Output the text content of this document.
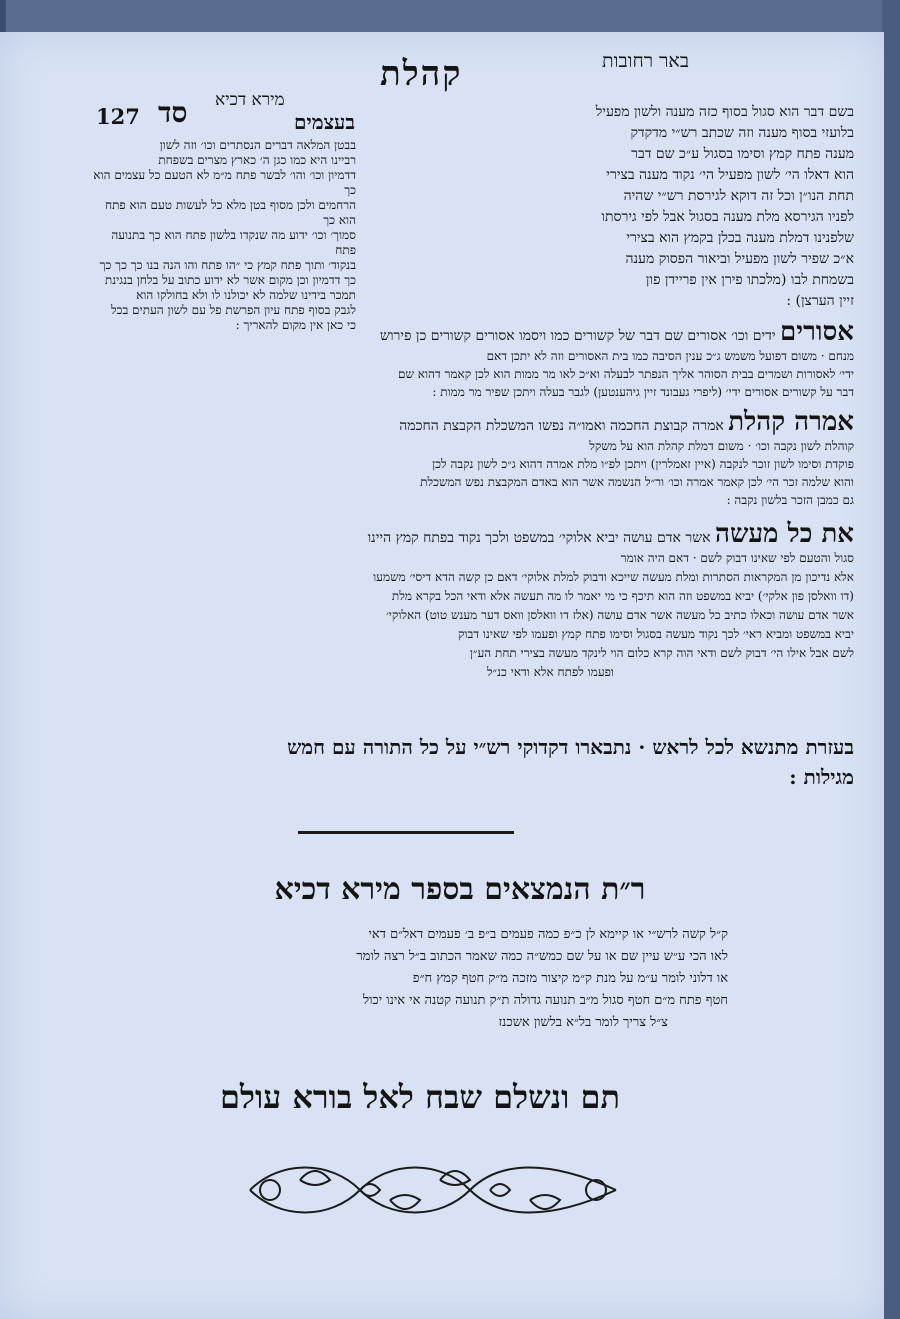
באר רחובות
קהלת
מירא דכיא
127 סד	בעצמים
בבטן המלאה דברים הנסתרים וכו׳ וזה לשון
רביינו היא כמו כגן ה׳ כארץ מצרים בשפחת
דדמיון וכו׳ והו׳ לבשר פתח מ״מ לא הטעם כל עצמים הוא כך
הרחמים ולכן מסוף בטן מלא כל לעשות טעם הוא פתח הוא כך
סמוך׳ וכו׳ ידוע מה שנקדו בלשון פתח הוא כך בתנועה פתח
בנקוד׳ ותוך פתח קמץ כי ״הו פתח והו הנה בנו כך כך כך
כך דדמיון וכן מקום אשר לא ידוע כתוב על בלחן בנגינת
תמכר בידינו שלמה לא יכולנו לו ולא בחולקו הוא
לגבק בסוף פתח עיון הפרשת פל עם לשון העתים בכל
כי כאן אין מקום להאריך :
בשם דבר הוא סגול בסוף כזה מענה ולשון מפעיל
בלועזי בסוף מענה וזה שכתב רש״י מדקדק
מענה פתח קמץ וסימו בסגול ע״כ שם דבר
הוא דאלו הי׳ לשון מפעיל הי׳ נקוד מענה בצירי
תחת הנו״ן וכל זה דוקא לגירסת רש״י שהיה
לפניו הגירסא מלת מענה בסגול אבל לפי גירסתו
שלפנינו דמלת מענה בכלן בקמץ הוא בצירי
א״כ שפיר לשון מפעיל וביאור הפסוק מענה
בשמחת לבו (מלכתו פירן אין פריידן פון
זיין הערצן) :
אסורים ידים וכו׳ אסורים שם דבר של קשורים כמו ויסמו אסורים קשורים כן פירוש
מנחם · משום דפועל משמש ג״כ ענין הסיבה כמו בית האסורים וזה לא יתכן דאם
ידי׳ לאסורות ושמרים בבית הסוהר אליך הנפתר לבעלה וא״כ לאו מר ממות הוא לכן קאמר דהוא שם
דבר על קשורים אסורים ידי׳ (ליפרי געבונד זיין גיהענטען) לגבר בעלה ויתכן שפיר מר ממות :
אמרה קהלת אמרה קבוצת החכמה ואמו״ה נפשו המשכלת הקבצת החכמה
קוהלת לשון נקבה וכו׳ · משום דמלת קהלת הוא על משקל
פוקדת וסימו לשון זוכר לנקבה (איין זאמלרין) ויתכן לפ״ו מלת אמרה דהוא ג״כ לשון נקבה לכן
והוא שלמה זכר הי׳ לכן קאמר אמרה וכו׳ ור״ל הנשמה אשר הוא באדם המקבצת נפש המשכלת
גם כמבן הזכר בלשון נקבה :
את כל מעשה אשר אדם עושה יביא אלוקי׳ במשפט ולכך נקוד בפתח קמץ היינו
סגול והטעם לפי שאינו דבוק לשם · דאם היה אומר
אלא נדיכון מן המקראות הסתרות ומלת מעשה שייכא ודבוק למלת אלוקי׳ דאם כן קשה הדא דיסי׳ משמעו
(דו וואלסן פון אלקי׳) יביא במשפט וזה הוא תיכף כי מי יאמר לו מה תעשה אלא ודאי הכל בקרא מלת
אשר אדם עושה וכאלו כתיב כל מעשה אשר אדם עושה (אלז דו וואלסן וואס דער מענש טוט) האלוקי׳
יביא במשפט ומביא ראי׳ לכך נקוד מעשה בסגול וסימו פתח קמץ ופעמו לפי שאינו דבוק
לשם אבל אילו הי׳ דבוק לשם ודאי הוה קרא כלום הוי לינקד מעשה בצירי תחת הע״ן
ופעמו לפתח אלא ודאי כנ״ל
בעזרת מתנשא לכל לראש · נתבארו דקדוקי רש״י על כל התורה עם חמש
מגילות :
ר״ת הנמצאים בספר מירא דכיא
ק״ל קשה לרש״י או קיימא לן כ״פ כמה פעמים ב״פ ב׳ פעמים דאל״ם דאי
לאו הכי ע״ש עיין שם או על שם כמש״ה כמה שאמר הכתוב ב״ל רצה לומר
או דלוני לומר ע״מ על מנת ק״מ קיצור מזכה מ״ק חטף קמץ ח״פ
חטף פתח מ״ם חטף סגול מ״ב תנועה גדולה ת״ק תנועה קטנה אי אינו יכול
צ״ל צריך לומר בל״א בלשון אשכנז
תם ונשלם שבח לאל בורא עולם
